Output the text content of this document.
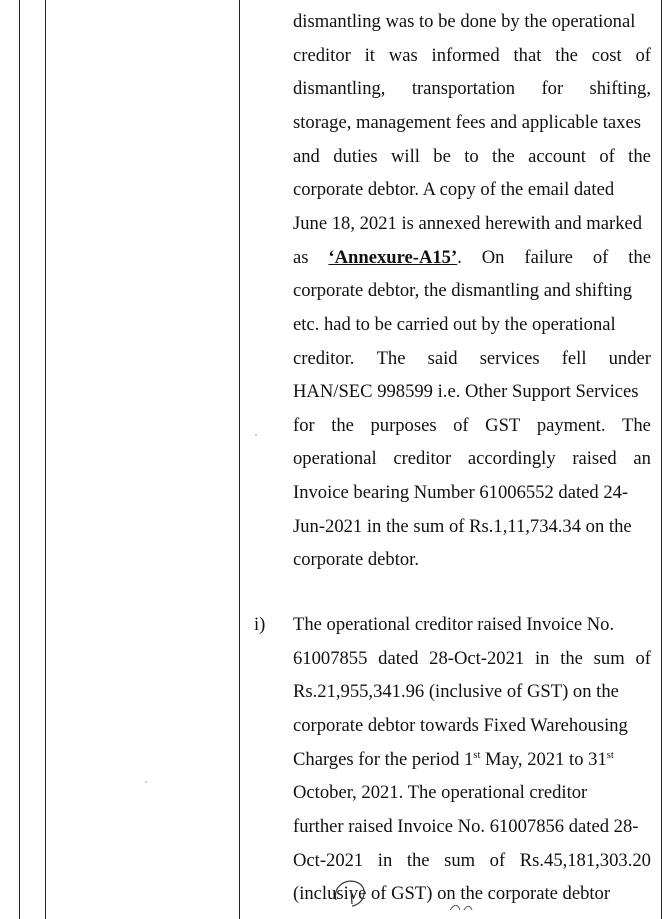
dismantling was to be done by the operational
creditor it was informed that the cost of
dismantling, transportation for shifting,
storage, management fees and applicable taxes
and duties will be to the account of the
corporate debtor. A copy of the email dated
June 18, 2021 is annexed herewith and marked
as ‘Annexure-A15’. On failure of the
corporate debtor, the dismantling and shifting
etc. had to be carried out by the operational
creditor. The said services fell under
HAN/SEC 998599 i.e. Other Support Services
for the purposes of GST payment. The
operational creditor accordingly raised an
Invoice bearing Number 61006552 dated 24-
Jun-2021 in the sum of Rs.1,11,734.34 on the
corporate debtor.
The operational creditor raised Invoice No.
61007855 dated 28-Oct-2021 in the sum of
Rs.21,955,341.96 (inclusive of GST) on the
corporate debtor towards Fixed Warehousing
Charges for the period 1st May, 2021 to 31st
October, 2021. The operational creditor
further raised Invoice No. 61007856 dated 28-
Oct-2021 in the sum of Rs.45,181,303.20
(inclusive of GST) on the corporate debtor
i)
